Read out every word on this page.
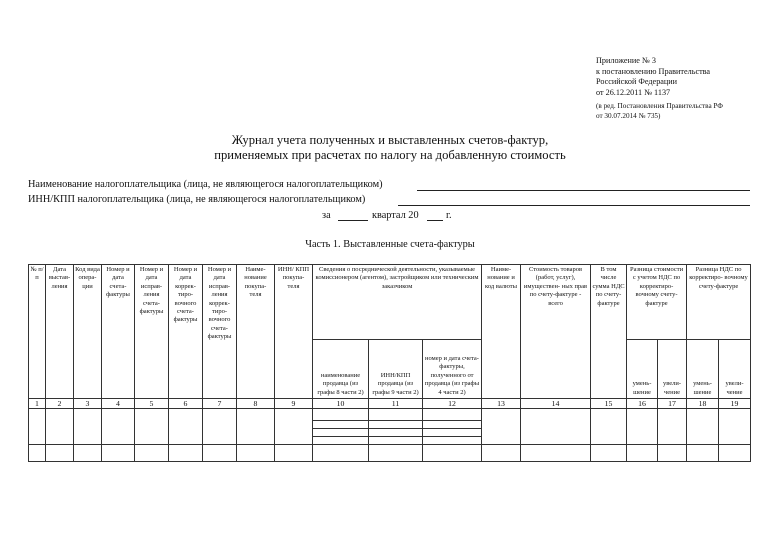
Приложение № 3
к постановлению Правительства
Российской Федерации
от 26.12.2011 № 1137
(в ред. Постановления Правительства РФ
от 30.07.2014 № 735)
Журнал учета полученных и выставленных счетов-фактур,
применяемых при расчетах по налогу на добавленную стоимость
Наименование налогоплательщика (лица, не являющегося налогоплательщиком)
ИНН/КПП налогоплательщика (лица, не являющегося налогоплательщиком)
за	квартал 20	г.
Часть 1. Выставленные счета-фактуры
№ п/п	Дата выстав- ления	Код вида опера- ции	Номер и дата счета- фактуры	Номер и дата исправ- ления счета- фактуры	Номер и дата коррек- тиро- вочного счета- фактуры	Номер и дата исправ- ления коррек- тиро- вочного счета- фактуры	Наиме- нование покупа- теля	ИНН/ КПП покупа- теля	Сведения о посреднической деятельности, указываемые комиссионером (агентом), застройщиком или техническим заказчиком			Наиме- нование и код валюты	Стоимость товаров (работ, услуг), имуществен- ных прав по счету-фактуре - всего	В том числе сумма НДС по счету- фактуре	Разница стоимости с учетом НДС по корректиро- вочному счету-фактуре		Разница НДС по корректиро- вочному счету-фактуре	
									наименование продавца (из графы 8 части 2)	ИНН/КПП продавца (из графы 9 части 2)	номер и дата счета-фактуры, полученного от продавца (из графы 4 части 2)				умень- шение	увели- чение	умень- шение	увели- чение
1	2	3	4	5	6	7	8	9	10	11	12	13	14	15	16	17	18	19
